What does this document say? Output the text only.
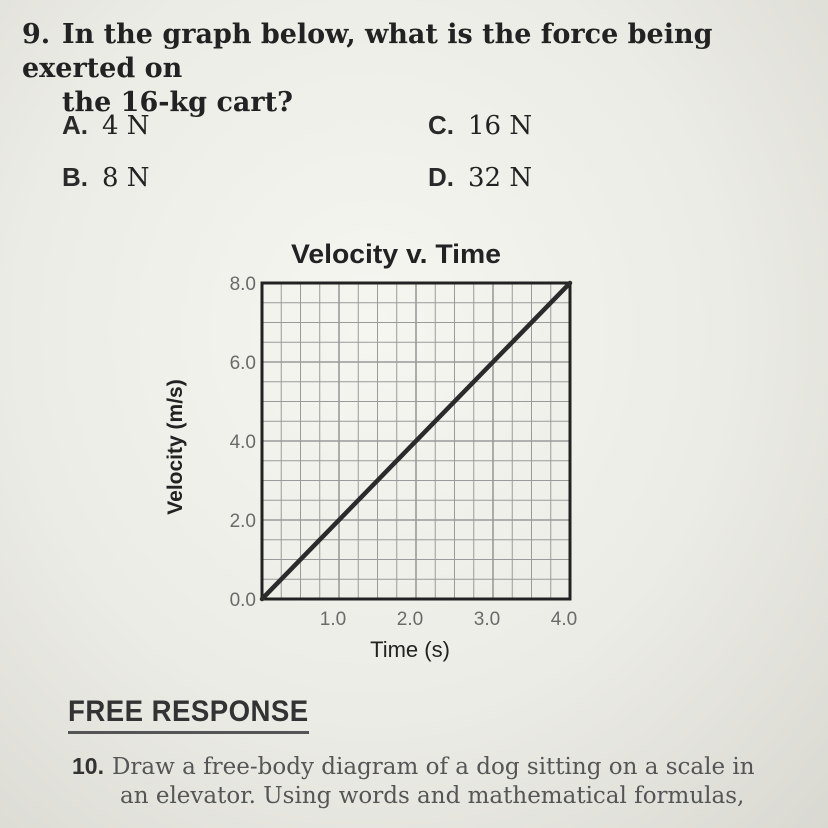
9. In the graph below, what is the force being exerted on
the 16-kg cart?
A. 4 N
B. 8 N
C. 16 N
D. 32 N
Velocity v. Time
0.0
2.0
4.0
6.0
8.0
1.0	2.0	3.0	4.0
Time (s)
Velocity (m/s)
FREE RESPONSE
10. Draw a free-body diagram of a dog sitting on a scale in
an elevator. Using words and mathematical formulas,
